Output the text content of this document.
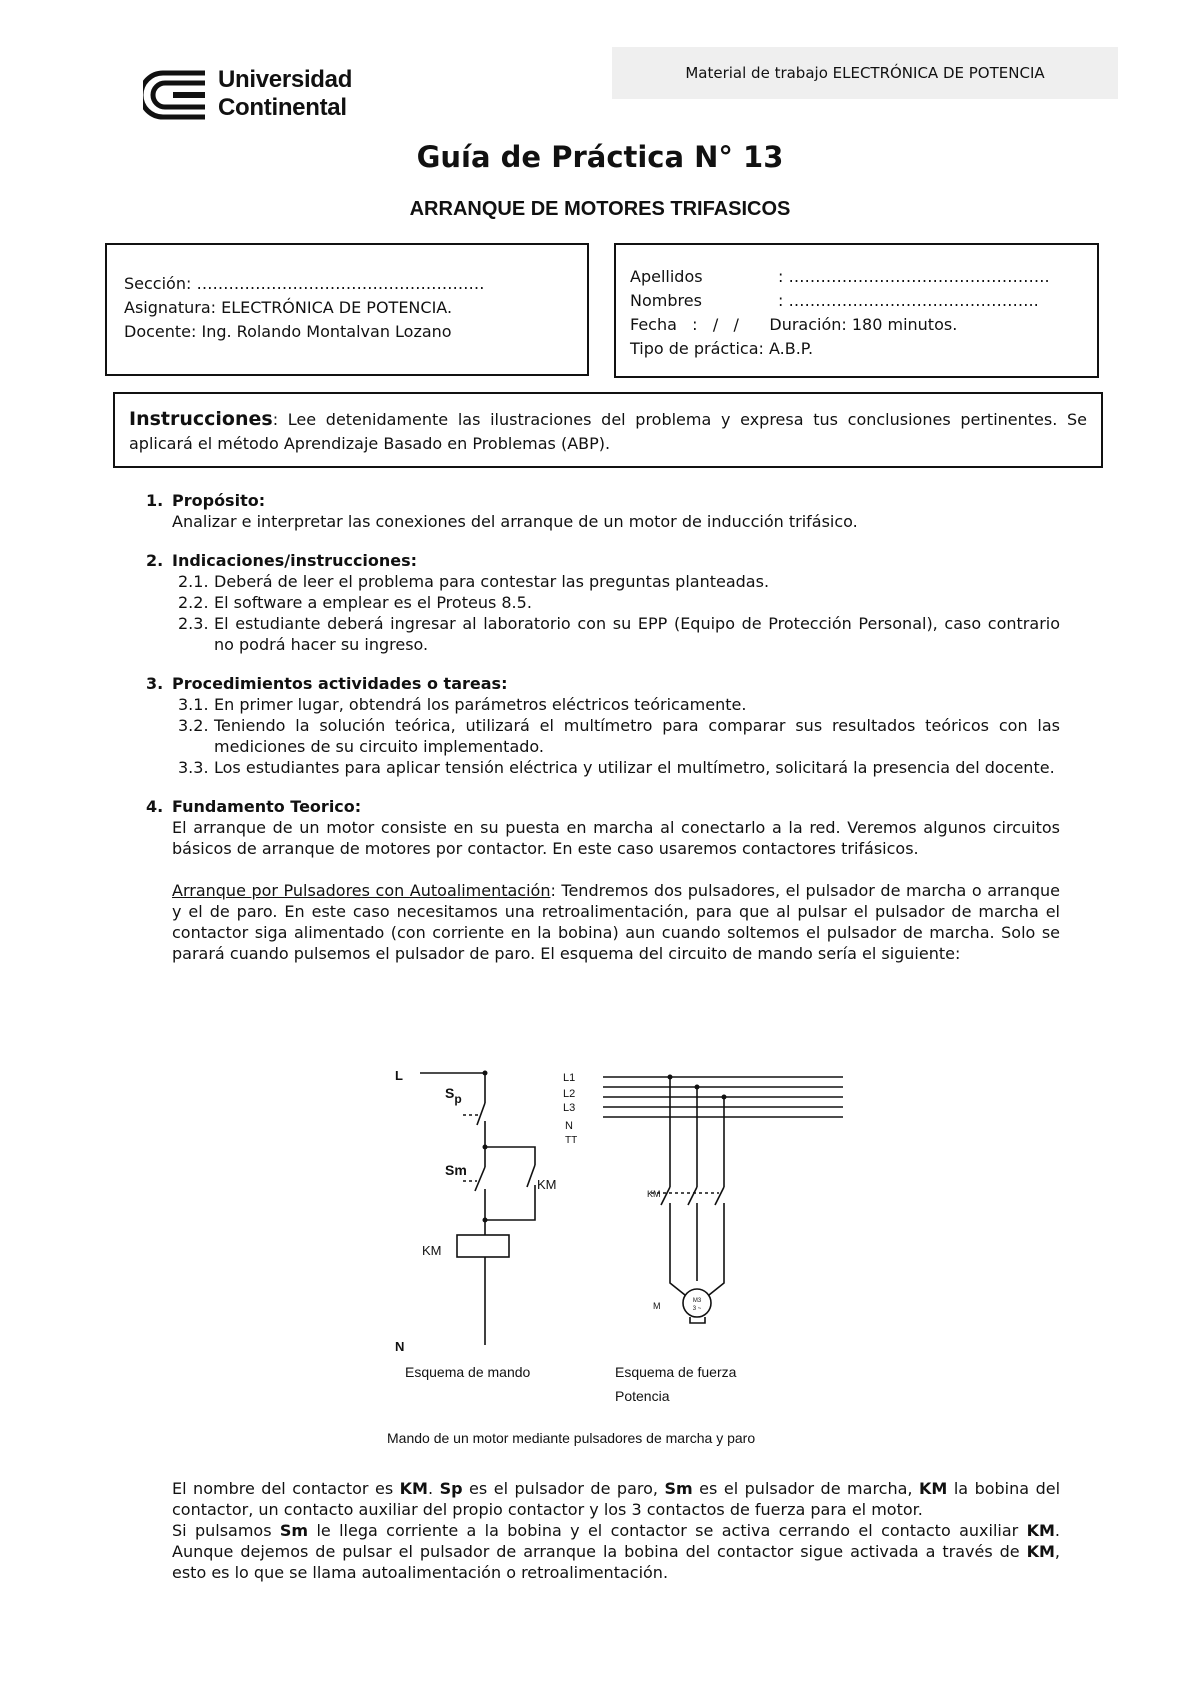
Material de trabajo ELECTRÓNICA DE POTENCIA
Universidad
Continental
Guía de Práctica N° 13
ARRANQUE DE MOTORES TRIFASICOS
Sección: ………………………………………………
Asignatura: ELECTRÓNICA DE POTENCIA.
Docente: Ing. Rolando Montalvan Lozano
Apellidos	: ………………………………………….
Nombres	: ………………………………………..
Fecha   :   /   /      Duración: 180 minutos.
Tipo de práctica: A.B.P.
Instrucciones: Lee detenidamente las ilustraciones del problema y expresa tus conclusiones pertinentes. Se aplicará el método Aprendizaje Basado en Problemas (ABP).
1. Propósito:
Analizar e interpretar las conexiones del arranque de un motor de inducción trifásico.
2. Indicaciones/instrucciones:
2.1. Deberá de leer el problema para contestar las preguntas planteadas.
2.2. El software a emplear es el Proteus 8.5.
2.3. El estudiante deberá ingresar al laboratorio con su EPP (Equipo de Protección Personal), caso contrario no podrá hacer su ingreso.
3. Procedimientos actividades o tareas:
3.1. En primer lugar, obtendrá los parámetros eléctricos teóricamente.
3.2. Teniendo la solución teórica, utilizará el multímetro para comparar sus resultados teóricos con las mediciones de su circuito implementado.
3.3. Los estudiantes para aplicar tensión eléctrica y utilizar el multímetro, solicitará la presencia del docente.
4. Fundamento Teorico:
El arranque de un motor consiste en su puesta en marcha al conectarlo a la red. Veremos algunos circuitos básicos de arranque de motores por contactor. En este caso usaremos contactores trifásicos.
Arranque por Pulsadores con Autoalimentación: Tendremos dos pulsadores, el pulsador de marcha o arranque y el de paro. En este caso necesitamos una retroalimentación, para que al pulsar el pulsador de marcha el contactor siga alimentado (con corriente en la bobina) aun cuando soltemos el pulsador de marcha. Solo se parará cuando pulsemos el pulsador de paro. El esquema del circuito de mando sería el siguiente:
L
Sp
Sm
KM
KM
N
L1
L2
L3
N
TT
KM
M	M3
3 ~
Esquema de mando	Esquema de fuerza
Potencia
Mando de un motor mediante pulsadores de marcha y paro
El nombre del contactor es KM. Sp es el pulsador de paro, Sm es el pulsador de marcha, KM la bobina del contactor, un contacto auxiliar del propio contactor y los 3 contactos de fuerza para el motor.
Si pulsamos Sm le llega corriente a la bobina y el contactor se activa cerrando el contacto auxiliar KM. Aunque dejemos de pulsar el pulsador de arranque la bobina del contactor sigue activada a través de KM, esto es lo que se llama autoalimentación o retroalimentación.
